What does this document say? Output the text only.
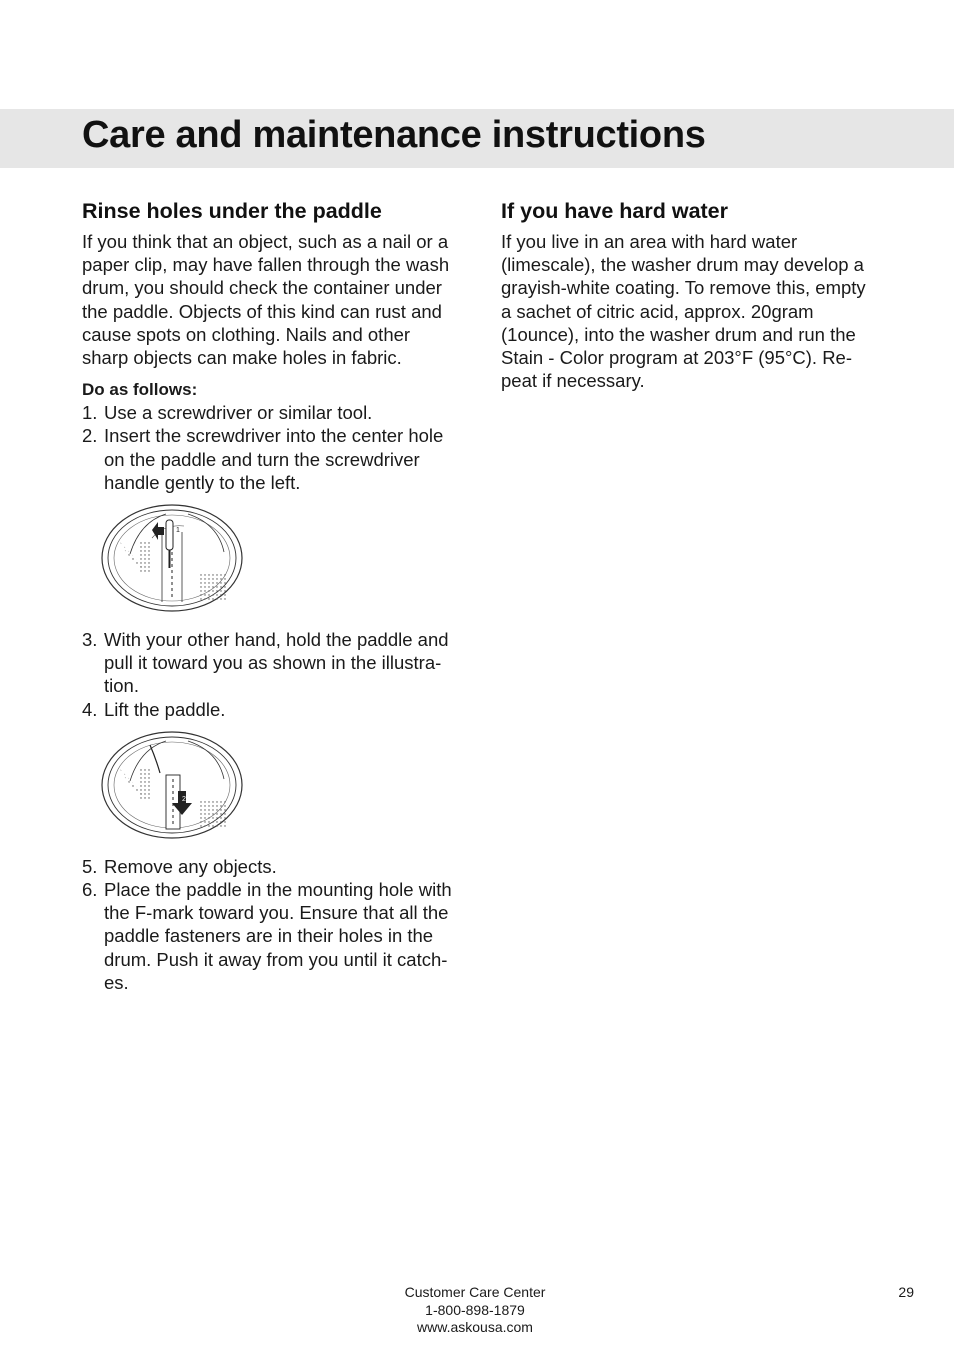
Care and maintenance instructions
Rinse holes under the paddle

If you think that an object, such as a nail or a paper clip, may have fallen through the wash drum, you should check the container under the paddle. Objects of this kind can rust and cause spots on clothing. Nails and other sharp objects can make holes in fabric.

Do as follows:
1. Use a screwdriver or similar tool.
2. Insert the screwdriver into the center hole on the paddle and turn the screwdriver handle gently to the left.
1
3. With your other hand, hold the paddle and pull it toward you as shown in the illustra-tion.
4. Lift the paddle.
2
5. Remove any objects.
6. Place the paddle in the mounting hole with the F-mark toward you. Ensure that all the paddle fasteners are in their holes in the drum. Push it away from you until it catch-es.
If you have hard water

If you live in an area with hard water (limescale), the washer drum may develop a grayish-white coating. To remove this, empty a sachet of citric acid, approx. 20gram (1ounce), into the washer drum and run the Stain - Color program at 203°F (95°C). Re-peat if necessary.

Customer Care Center
1-800-898-1879
www.askousa.com
29
